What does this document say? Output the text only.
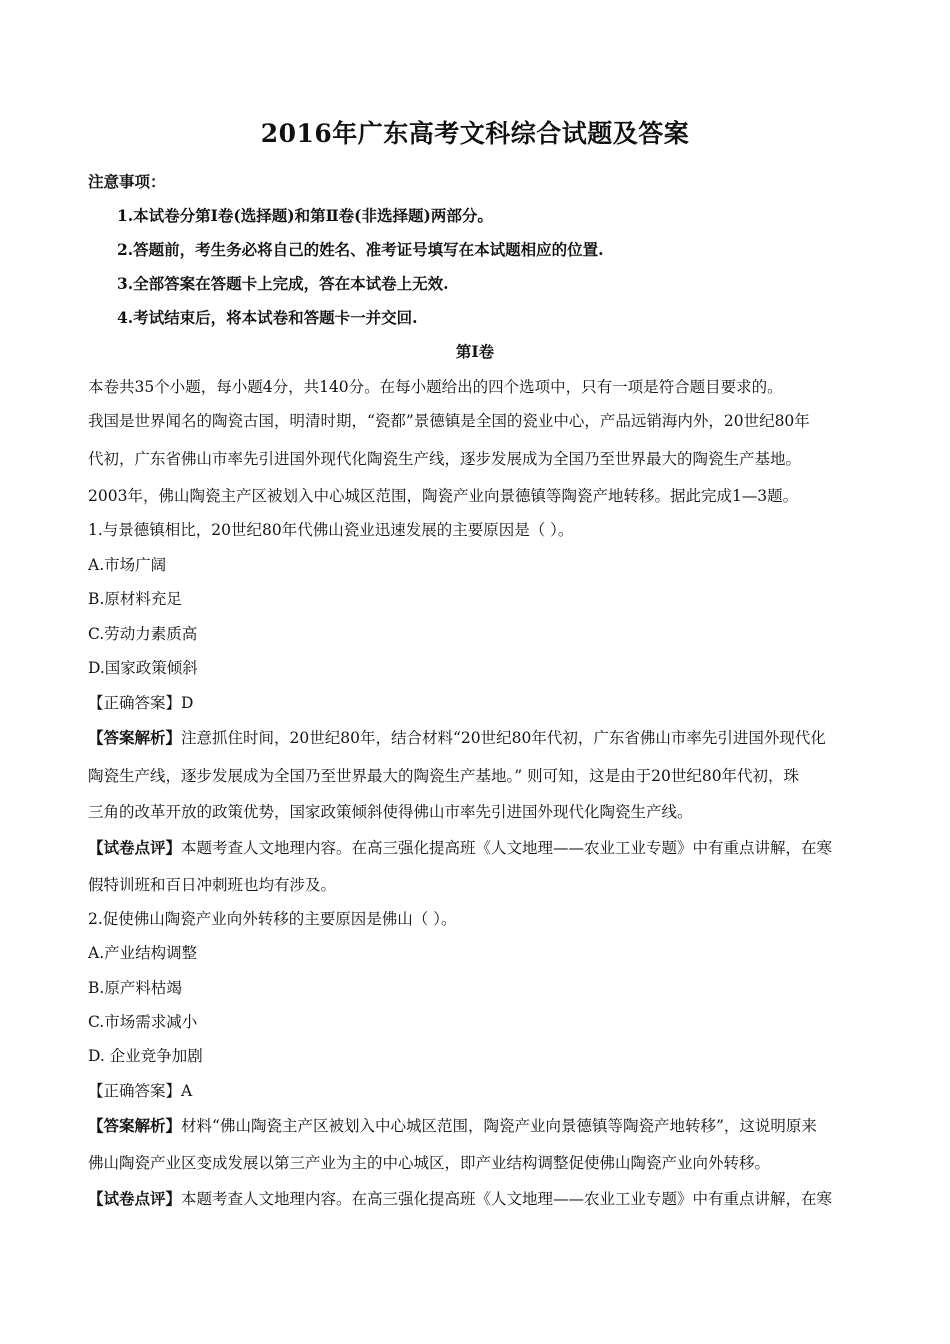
2016年广东高考文科综合试题及答案
注意事项：
1.本试卷分第Ⅰ卷(选择题)和第Ⅱ卷(非选择题)两部分。
2.答题前，考生务必将自己的姓名、准考证号填写在本试题相应的位置.
3.全部答案在答题卡上完成，答在本试卷上无效.
4.考试结束后，将本试卷和答题卡一并交回.
第Ⅰ卷
本卷共35个小题，每小题4分，共140分。在每小题给出的四个选项中，只有一项是符合题目要求的。
我国是世界闻名的陶瓷古国，明清时期，“瓷都”景德镇是全国的瓷业中心，产品远销海内外，20世纪80年
代初，广东省佛山市率先引进国外现代化陶瓷生产线，逐步发展成为全国乃至世界最大的陶瓷生产基地。
2003年，佛山陶瓷主产区被划入中心城区范围，陶瓷产业向景德镇等陶瓷产地转移。据此完成1—3题。
1.与景德镇相比，20世纪80年代佛山瓷业迅速发展的主要原因是（ ）。
A.市场广阔
B.原材料充足
C.劳动力素质高
D.国家政策倾斜
【正确答案】D
【答案解析】注意抓住时间，20世纪80年，结合材料“20世纪80年代初，广东省佛山市率先引进国外现代化
陶瓷生产线，逐步发展成为全国乃至世界最大的陶瓷生产基地。” 则可知，这是由于20世纪80年代初，珠
三角的改革开放的政策优势，国家政策倾斜使得佛山市率先引进国外现代化陶瓷生产线。
【试卷点评】本题考查人文地理内容。在高三强化提高班《人文地理——农业工业专题》中有重点讲解，在寒
假特训班和百日冲刺班也均有涉及。
2.促使佛山陶瓷产业向外转移的主要原因是佛山（ ）。
A.产业结构调整
B.原产料枯竭
C.市场需求减小
D. 企业竞争加剧
【正确答案】A
【答案解析】材料“佛山陶瓷主产区被划入中心城区范围，陶瓷产业向景德镇等陶瓷产地转移”，这说明原来
佛山陶瓷产业区变成发展以第三产业为主的中心城区，即产业结构调整促使佛山陶瓷产业向外转移。
【试卷点评】本题考查人文地理内容。在高三强化提高班《人文地理——农业工业专题》中有重点讲解，在寒
